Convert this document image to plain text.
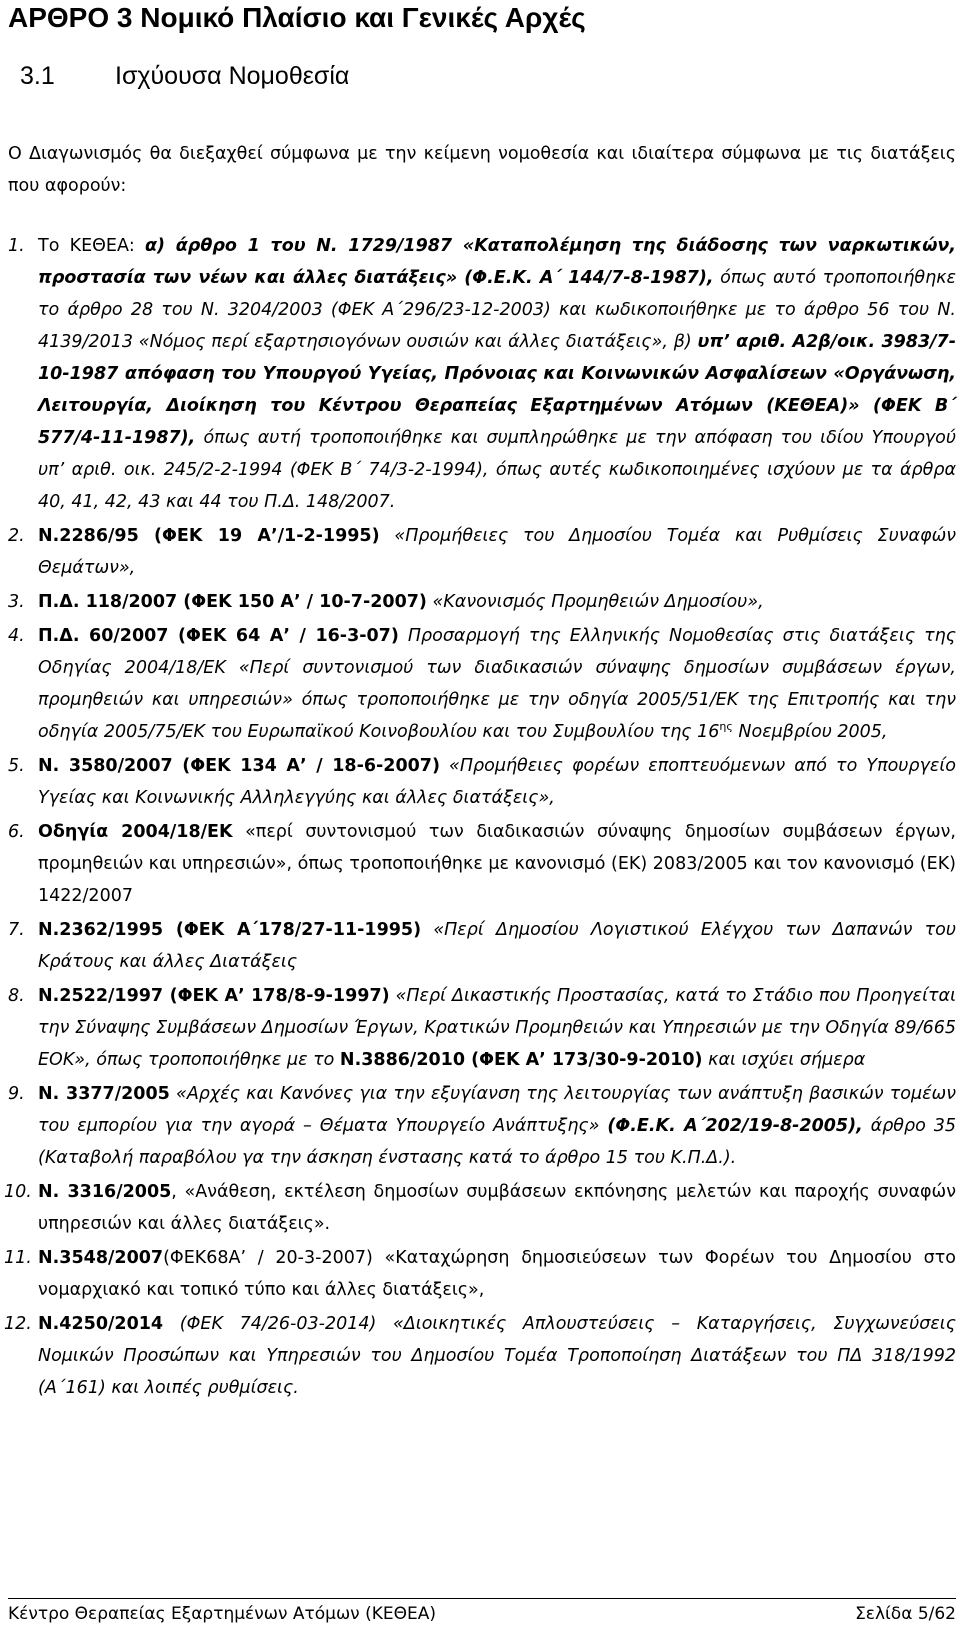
ΑΡΘΡΟ 3 Νομικό Πλαίσιο και Γενικές Αρχές
3.1 Ισχύουσα Νομοθεσία
Ο Διαγωνισμός θα διεξαχθεί σύμφωνα με την κείμενη νομοθεσία και ιδιαίτερα σύμφωνα με τις διατάξεις που αφορούν:
1. Το ΚΕΘΕΑ: α) άρθρο 1 του Ν. 1729/1987 «Καταπολέμηση της διάδοσης των ναρκωτικών, προστασία των νέων και άλλες διατάξεις» (Φ.Ε.Κ. Α΄ 144/7-8-1987), όπως αυτό τροποποιήθηκε το άρθρο 28 του Ν. 3204/2003 (ΦΕΚ Α΄296/23-12-2003) και κωδικοποιήθηκε με το άρθρο 56 του Ν. 4139/2013 «Νόμος περί εξαρτησιογόνων ουσιών και άλλες διατάξεις», β) υπ’ αριθ. Α2β/οικ. 3983/7-10-1987 απόφαση του Υπουργού Υγείας, Πρόνοιας και Κοινωνικών Ασφαλίσεων «Οργάνωση, Λειτουργία, Διοίκηση του Κέντρου Θεραπείας Εξαρτημένων Ατόμων (ΚΕΘΕΑ)» (ΦΕΚ Β΄ 577/4-11-1987), όπως αυτή τροποποιήθηκε και συμπληρώθηκε με την απόφαση του ιδίου Υπουργού υπ’ αριθ. οικ. 245/2-2-1994 (ΦΕΚ Β΄ 74/3-2-1994), όπως αυτές κωδικοποιημένες ισχύουν με τα άρθρα 40, 41, 42, 43 και 44 του Π.Δ. 148/2007.
2. Ν.2286/95 (ΦΕΚ 19 Α’/1-2-1995) «Προμήθειες του Δημοσίου Τομέα και Ρυθμίσεις Συναφών Θεμάτων»,
3. Π.Δ. 118/2007 (ΦΕΚ 150 Α’ / 10-7-2007) «Κανονισμός Προμηθειών Δημοσίου»,
4. Π.Δ. 60/2007 (ΦΕΚ 64 Α’ / 16-3-07) Προσαρμογή της Ελληνικής Νομοθεσίας στις διατάξεις της Οδηγίας 2004/18/ΕΚ «Περί συντονισμού των διαδικασιών σύναψης δημοσίων συμβάσεων έργων, προμηθειών και υπηρεσιών» όπως τροποποιήθηκε με την οδηγία 2005/51/ΕΚ της Επιτροπής και την οδηγία 2005/75/ΕΚ του Ευρωπαϊκού Κοινοβουλίου και του Συμβουλίου της $16^{\eta\varsigma}$ Νοεμβρίου 2005,
5. Ν. 3580/2007 (ΦΕΚ 134 Α’ / 18-6-2007) «Προμήθειες φορέων εποπτευόμενων από το Υπουργείο Υγείας και Κοινωνικής Αλληλεγγύης και άλλες διατάξεις»,
6. Οδηγία 2004/18/ΕΚ «περί συντονισμού των διαδικασιών σύναψης δημοσίων συμβάσεων έργων, προμηθειών και υπηρεσιών», όπως τροποποιήθηκε με κανονισμό (ΕΚ) 2083/2005 και τον κανονισμό (ΕΚ) 1422/2007
7. Ν.2362/1995 (ΦΕΚ Α΄178/27-11-1995) «Περί Δημοσίου Λογιστικού Ελέγχου των Δαπανών του Κράτους και άλλες Διατάξεις
8. Ν.2522/1997 (ΦΕΚ Α’ 178/8-9-1997) «Περί Δικαστικής Προστασίας, κατά το Στάδιο που Προηγείται την Σύναψης Συμβάσεων Δημοσίων Έργων, Κρατικών Προμηθειών και Υπηρεσιών με την Οδηγία 89/665 ΕΟΚ», όπως τροποποιήθηκε με το Ν.3886/2010 (ΦΕΚ Α’ 173/30-9-2010) και ισχύει σήμερα
9. Ν. 3377/2005 «Αρχές και Κανόνες για την εξυγίανση της λειτουργίας των ανάπτυξη βασικών τομέων του εμπορίου για την αγορά – Θέματα Υπουργείο Ανάπτυξης» (Φ.Ε.Κ. Α΄202/19-8-2005), άρθρο 35 (Καταβολή παραβόλου γα την άσκηση ένστασης κατά το άρθρο 15 του Κ.Π.Δ.).
10. Ν. 3316/2005, «Ανάθεση, εκτέλεση δημοσίων συμβάσεων εκπόνησης μελετών και παροχής συναφών υπηρεσιών και άλλες διατάξεις».
11. Ν.3548/2007(ΦΕΚ68Α’ / 20-3-2007) «Καταχώρηση δημοσιεύσεων των Φορέων του Δημοσίου στο νομαρχιακό και τοπικό τύπο και άλλες διατάξεις»,
12. Ν.4250/2014 (ΦΕΚ 74/26-03-2014) «Διοικητικές Απλουστεύσεις – Καταργήσεις, Συγχωνεύσεις Νομικών Προσώπων και Υπηρεσιών του Δημοσίου Τομέα Τροποποίηση Διατάξεων του ΠΔ 318/1992 (Α΄161) και λοιπές ρυθμίσεις.
Κέντρο Θεραπείας Εξαρτημένων Ατόμων (ΚΕΘΕΑ)	Σελίδα 5/62
